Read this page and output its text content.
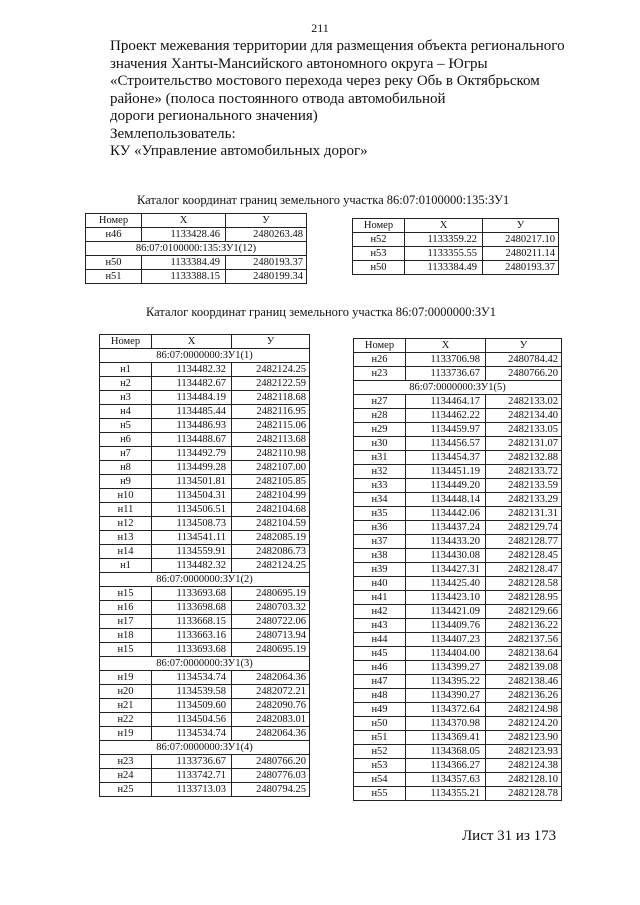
211
Проект межевания территории для размещения объекта регионального
значения Ханты-Мансийского автономного округа – Югры
«Строительство мостового перехода через реку Обь в Октябрьском
районе» (полоса постоянного отвода автомобильной
дороги регионального значения)
Землепользователь:
КУ «Управление автомобильных дорог»
Каталог координат границ земельного участка 86:07:0100000:135:ЗУ1
Номер	X	У
н46	1133428.46	2480263.48
86:07:0100000:135:ЗУ1(12)		
н50	1133384.49	2480193.37
н51	1133388.15	2480199.34
Номер	X	У
н52	1133359.22	2480217.10
н53	1133355.55	2480211.14
н50	1133384.49	2480193.37
Каталог координат границ земельного участка 86:07:0000000:ЗУ1
Номер	X	У
86:07:0000000:ЗУ1(1)		
н1	1134482.32	2482124.25
н2	1134482.67	2482122.59
н3	1134484.19	2482118.68
н4	1134485.44	2482116.95
н5	1134486.93	2482115.06
н6	1134488.67	2482113.68
н7	1134492.79	2482110.98
н8	1134499.28	2482107.00
н9	1134501.81	2482105.85
н10	1134504.31	2482104.99
н11	1134506.51	2482104.68
н12	1134508.73	2482104.59
н13	1134541.11	2482085.19
н14	1134559.91	2482086.73
н1	1134482.32	2482124.25
86:07:0000000:ЗУ1(2)		
н15	1133693.68	2480695.19
н16	1133698.68	2480703.32
н17	1133668.15	2480722.06
н18	1133663.16	2480713.94
н15	1133693.68	2480695.19
86:07:0000000:ЗУ1(3)		
н19	1134534.74	2482064.36
н20	1134539.58	2482072.21
н21	1134509.60	2482090.76
н22	1134504.56	2482083.01
н19	1134534.74	2482064.36
86:07:0000000:ЗУ1(4)		
н23	1133736.67	2480766.20
н24	1133742.71	2480776.03
н25	1133713.03	2480794.25
Номер	X	У
н26	1133706.98	2480784.42
н23	1133736.67	2480766.20
86:07:0000000:ЗУ1(5)		
н27	1134464.17	2482133.02
н28	1134462.22	2482134.40
н29	1134459.97	2482133.05
н30	1134456.57	2482131.07
н31	1134454.37	2482132.88
н32	1134451.19	2482133.72
н33	1134449.20	2482133.59
н34	1134448.14	2482133.29
н35	1134442.06	2482131.31
н36	1134437.24	2482129.74
н37	1134433.20	2482128.77
н38	1134430.08	2482128.45
н39	1134427.31	2482128.47
н40	1134425.40	2482128.58
н41	1134423.10	2482128.95
н42	1134421.09	2482129.66
н43	1134409.76	2482136.22
н44	1134407.23	2482137.56
н45	1134404.00	2482138.64
н46	1134399.27	2482139.08
н47	1134395.22	2482138.46
н48	1134390.27	2482136.26
н49	1134372.64	2482124.98
н50	1134370.98	2482124.20
н51	1134369.41	2482123.90
н52	1134368.05	2482123.93
н53	1134366.27	2482124.38
н54	1134357.63	2482128.10
н55	1134355.21	2482128.78
Лист 31 из 173
